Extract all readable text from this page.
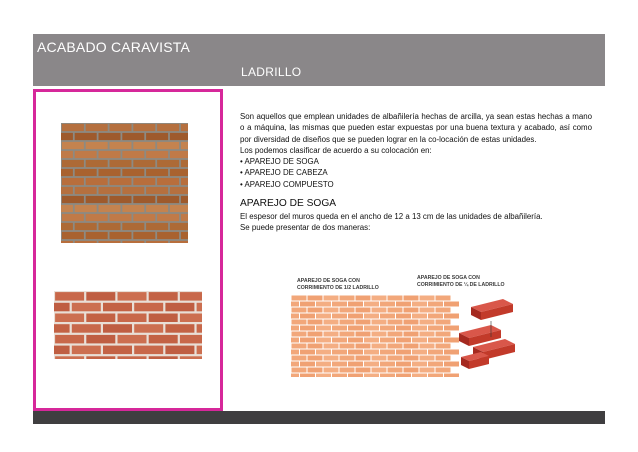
ACABADO CARAVISTA
LADRILLO

Son aquellos que emplean unidades de albañilería hechas de arcilla, ya sean estas hechas a mano o a máquina, las mismas que pueden estar expuestas por una buena textura y acabado, así como por diversidad de diseños que se pueden lograr en la co-locación de estas unidades.

Los podemos clasificar de acuerdo a su colocación en:

• APAREJO DE SOGA

• APAREJO DE CABEZA

• APAREJO COMPUESTO

APAREJO DE SOGA

El espesor del muros queda en el ancho de 12 a 13 cm de las unidades de albañilería.

Se puede presentar de dos maneras:

APAREJO DE SOGA CON
CORRIMIENTO DE 1/2 LADRILLO
APAREJO DE SOGA CON
CORRIMIENTO DE ¼ DE LADRILLO
